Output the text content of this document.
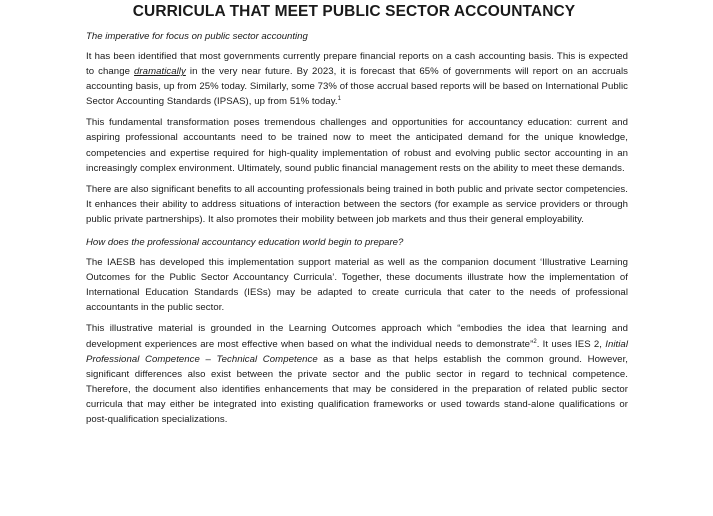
CURRICULA THAT MEET PUBLIC SECTOR ACCOUNTANCY
The imperative for focus on public sector accounting

It has been identified that most governments currently prepare financial reports on a cash accounting basis. This is expected to change dramatically in the very near future. By 2023, it is forecast that 65% of governments will report on an accruals accounting basis, up from 25% today. Similarly, some 73% of those accrual based reports will be based on International Public Sector Accounting Standards (IPSAS), up from 51% today.$^1$

This fundamental transformation poses tremendous challenges and opportunities for accountancy education: current and aspiring professional accountants need to be trained now to meet the anticipated demand for the unique knowledge, competencies and expertise required for high-quality implementation of robust and evolving public sector accounting in an increasingly complex environment. Ultimately, sound public financial management rests on the ability to meet these demands.

There are also significant benefits to all accounting professionals being trained in both public and private sector competencies. It enhances their ability to address situations of interaction between the sectors (for example as service providers or through public private partnerships). It also promotes their mobility between job markets and thus their general employability.

How does the professional accountancy education world begin to prepare?

The IAESB has developed this implementation support material as well as the companion document ‘Illustrative Learning Outcomes for the Public Sector Accountancy Curricula’. Together, these documents illustrate how the implementation of International Education Standards (IESs) may be adapted to create curricula that cater to the needs of professional accountants in the public sector.

This illustrative material is grounded in the Learning Outcomes approach which “embodies the idea that learning and development experiences are most effective when based on what the individual needs to demonstrate”$^2$. It uses IES 2, Initial Professional Competence – Technical Competence as a base as that helps establish the common ground. However, significant differences also exist between the private sector and the public sector in regard to technical competence. Therefore, the document also identifies enhancements that may be considered in the preparation of related public sector curricula that may either be integrated into existing qualification frameworks or used towards stand-alone qualifications or post-qualification specializations.
